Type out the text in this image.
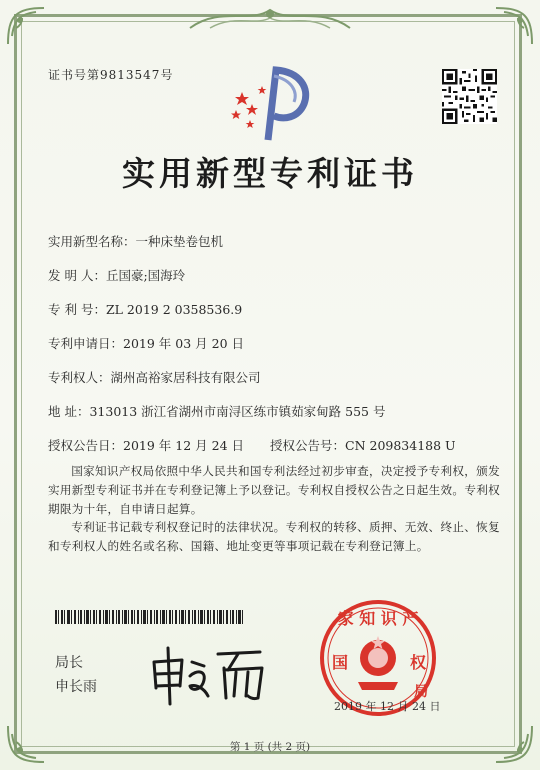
证书号第9813547号
实用新型专利证书
实用新型名称：一种床垫卷包机
发 明 人：丘国豪;国海玲
专 利 号：ZL 2019 2 0358536.9
专利申请日：2019 年 03 月 20 日
专利权人：湖州高裕家居科技有限公司
地 址：313013 浙江省湖州市南浔区练市镇茹家甸路 555 号
授权公告日：2019 年 12 月 24 日 授权公告号：CN 209834188 U
国家知识产权局依照中华人民共和国专利法经过初步审查，决定授予专利权，颁发实用新型专利证书并在专利登记簿上予以登记。专利权自授权公告之日起生效。专利权期限为十年，自申请日起算。
专利证书记载专利权登记时的法律状况。专利权的转移、质押、无效、终止、恢复和专利权人的姓名或名称、国籍、地址变更等事项记载在专利登记簿上。
局长
申长雨
家 知 识 产
国	权
局
2019 年 12 月 24 日
第 1 页 (共 2 页)
